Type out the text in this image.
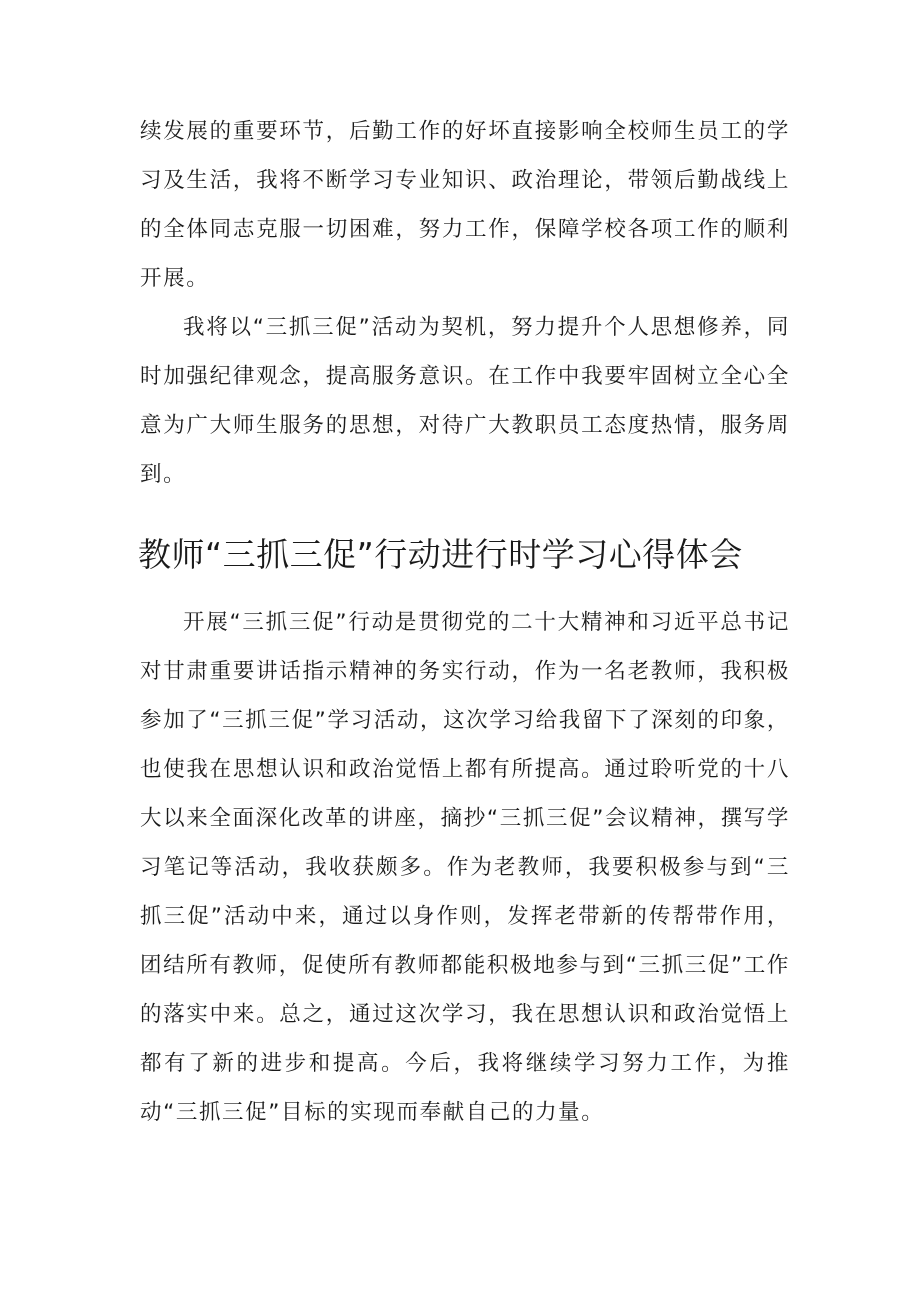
续发展的重要环节，后勤工作的好坏直接影响全校师生员工的学习及生活，我将不断学习专业知识、政治理论，带领后勤战线上的全体同志克服一切困难，努力工作，保障学校各项工作的顺利开展。

我将以“三抓三促”活动为契机，努力提升个人思想修养，同时加强纪律观念，提高服务意识。在工作中我要牢固树立全心全意为广大师生服务的思想，对待广大教职员工态度热情，服务周到。

教师“三抓三促”行动进行时学习心得体会

开展“三抓三促”行动是贯彻党的二十大精神和习近平总书记对甘肃重要讲话指示精神的务实行动，作为一名老教师，我积极参加了“三抓三促”学习活动，这次学习给我留下了深刻的印象，也使我在思想认识和政治觉悟上都有所提高。通过聆听党的十八大以来全面深化改革的讲座，摘抄“三抓三促”会议精神，撰写学习笔记等活动，我收获颇多。作为老教师，我要积极参与到“三抓三促”活动中来，通过以身作则，发挥老带新的传帮带作用，团结所有教师，促使所有教师都能积极地参与到“三抓三促”工作的落实中来。总之，通过这次学习，我在思想认识和政治觉悟上都有了新的进步和提高。今后，我将继续学习努力工作，为推动“三抓三促”目标的实现而奉献自己的力量。
